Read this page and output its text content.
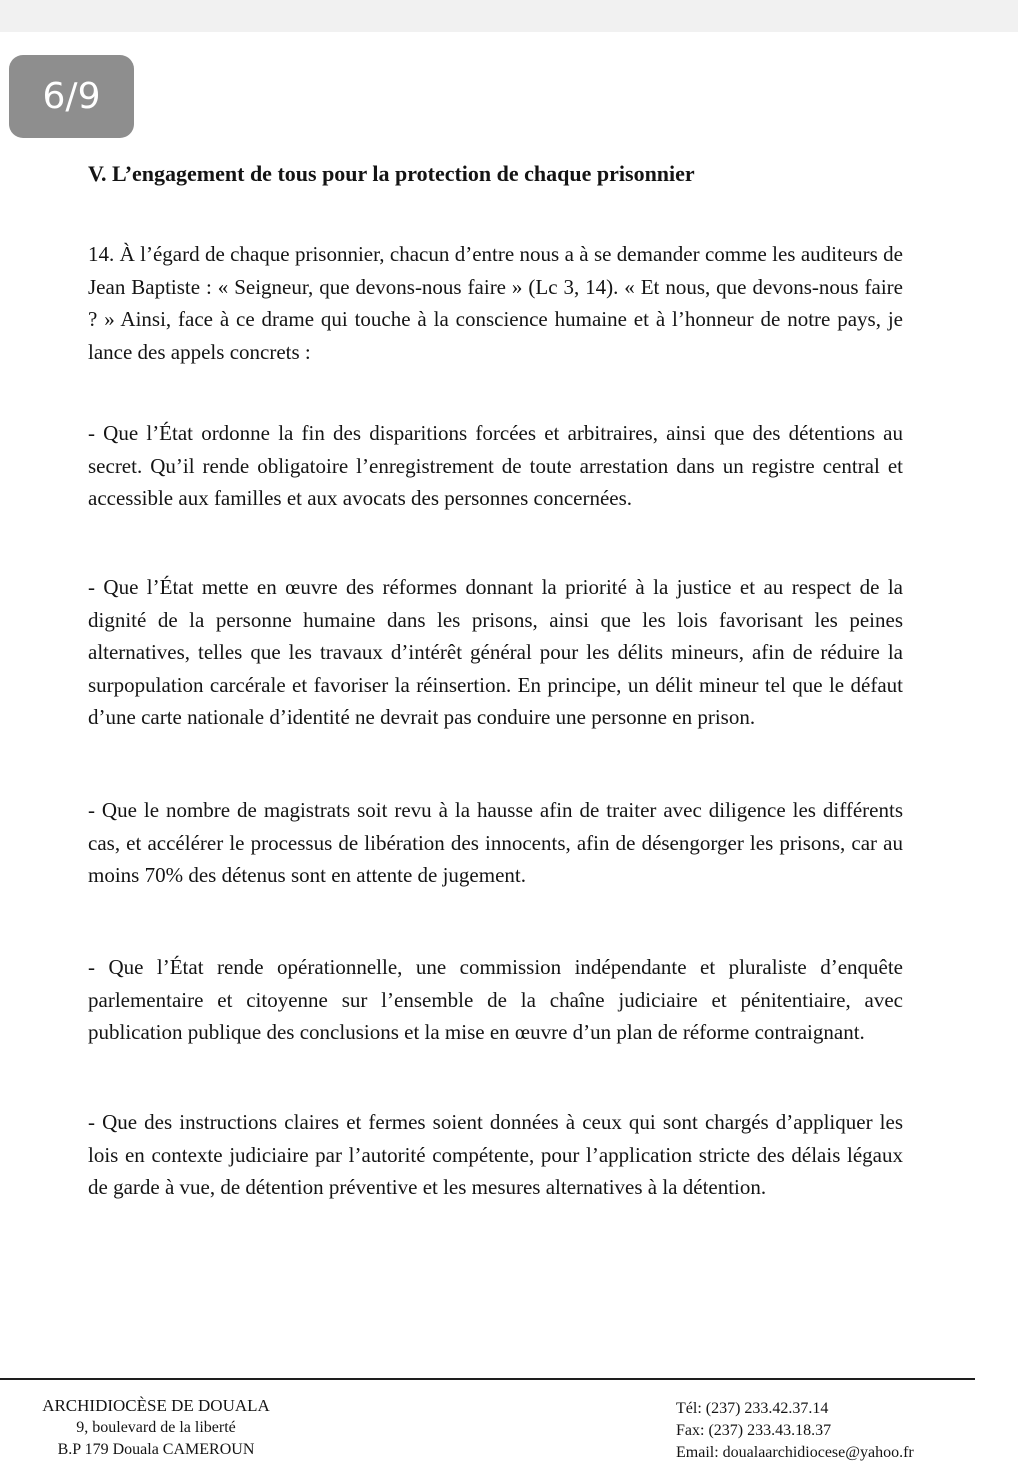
6/9
V. L’engagement de tous pour la protection de chaque prisonnier

14. À l’égard de chaque prisonnier, chacun d’entre nous a à se demander comme les auditeurs de Jean Baptiste : « Seigneur, que devons-nous faire » (Lc 3, 14). « Et nous, que devons-nous faire ? » Ainsi, face à ce drame qui touche à la conscience humaine et à l’honneur de notre pays, je lance des appels concrets :

- Que l’État ordonne la fin des disparitions forcées et arbitraires, ainsi que des détentions au secret. Qu’il rende obligatoire l’enregistrement de toute arrestation dans un registre central et accessible aux familles et aux avocats des personnes concernées.

- Que l’État mette en œuvre des réformes donnant la priorité à la justice et au respect de la dignité de la personne humaine dans les prisons, ainsi que les lois favorisant les peines alternatives, telles que les travaux d’intérêt général pour les délits mineurs, afin de réduire la surpopulation carcérale et favoriser la réinsertion. En principe, un délit mineur tel que le défaut d’une carte nationale d’identité ne devrait pas conduire une personne en prison.

- Que le nombre de magistrats soit revu à la hausse afin de traiter avec diligence les différents cas, et accélérer le processus de libération des innocents, afin de désengorger les prisons, car au moins 70% des détenus sont en attente de jugement.

- Que l’État rende opérationnelle, une commission indépendante et pluraliste d’enquête parlementaire et citoyenne sur l’ensemble de la chaîne judiciaire et pénitentiaire, avec publication publique des conclusions et la mise en œuvre d’un plan de réforme contraignant.

- Que des instructions claires et fermes soient données à ceux qui sont chargés d’appliquer les lois en contexte judiciaire par l’autorité compétente, pour l’application stricte des délais légaux de garde à vue, de détention préventive et les mesures alternatives à la détention.

ARCHIDIOCÈSE DE DOUALA
9, boulevard de la liberté
B.P 179 Douala CAMEROUN
Tél: (237) 233.42.37.14
Fax: (237) 233.43.18.37
Email: doualaarchidiocese@yahoo.fr
